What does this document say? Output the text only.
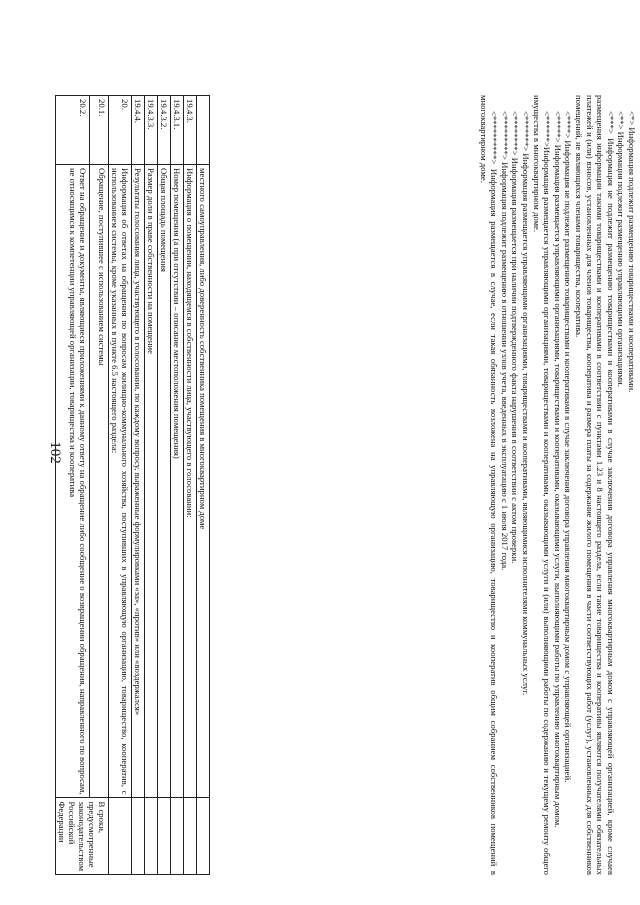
102
		местного самоуправления, либо доверенность собственника помещения в многоквартирном доме	
19.4.3.	Информация о помещении, находящемся в собственности лица, участвующего в голосовании:	
19.4.3.1.	Номер помещения (а при отсутствии – описание местоположения помещения)	
19.4.3.2.	Общая площадь помещения	
19.4.3.3.	Размер доли в праве собственности на помещение	
19.4.4.	Результаты голосования лица, участвующего в голосовании, по каждому вопросу, выраженные формулировками «за», «против» или «воздержался»	
20.	Информация об ответах на обращения по вопросам жилищно-коммунального хозяйства, поступивших в управляющую организацию, товарищество, кооператив, с использованием системы, кроме указанных в пункте 6.5 настоящего раздела:	
20.1.	Обращение, поступившее с использованием системы	В сроки, предусмотренные законодательством Российской Федерации
20.2.	Ответ на обращение и документы, являющиеся приложениями к данному ответу на обращение либо сообщение о возвращении обращения, направленного по вопросам, не относящимся к компетенции управляющей организации, товарищества и кооператива		<*> Информация подлежит размещению товариществами и кооперативами.

<**> Информация подлежит размещению управляющими организациями.

<***> Информация не подлежит размещению товариществами и кооперативами в случае заключения договора управления многоквартирным домом с управляющей организацией, кроме случаев размещения информации такими товариществами и кооперативами в соответствии с пунктами 1.23 и 8 настоящего раздела, если такие товарищества и кооперативы являются получателями обязательных платежей и (или) взносов, установленных для членов товарищества, кооператива и размера платы за содержание жилого помещения в части соответствующих работ (услуг), установленных для собственников помещений, не являющихся членами товарищества, кооператива.

<****> Информация не подлежит размещению товариществами и кооперативами в случае заключения договора управления многоквартирным домом с управляющей организацией.

<*****> Информация размещается управляющими организациями, товариществами и кооперативами, оказывающими услуги, выполняющими работы по управлению многоквартирным домом.

<******>Информация размещается управляющими организациями, товариществами и кооперативами, оказывающими услуги и (или) выполняющими работы по содержанию и текущему ремонту общего имущества в многоквартирном доме.

<*******> Информация размещается управляющими организациями, товариществами и кооперативами, являющимися исполнителями коммунальных услуг.

<********> Информация размещается при наличии подтвержденного факта нарушения в соответствии с актом проверки.

<*********> Информация подлежит размещению в отношении узлов учета, введенных в эксплуатацию с 1 июля 2017 года.

<**********> Информация размещается в случае, если такая обязанность возложена на управляющую организацию, товарищество и кооператив общим собранием собственников помещений в многоквартирном доме.
